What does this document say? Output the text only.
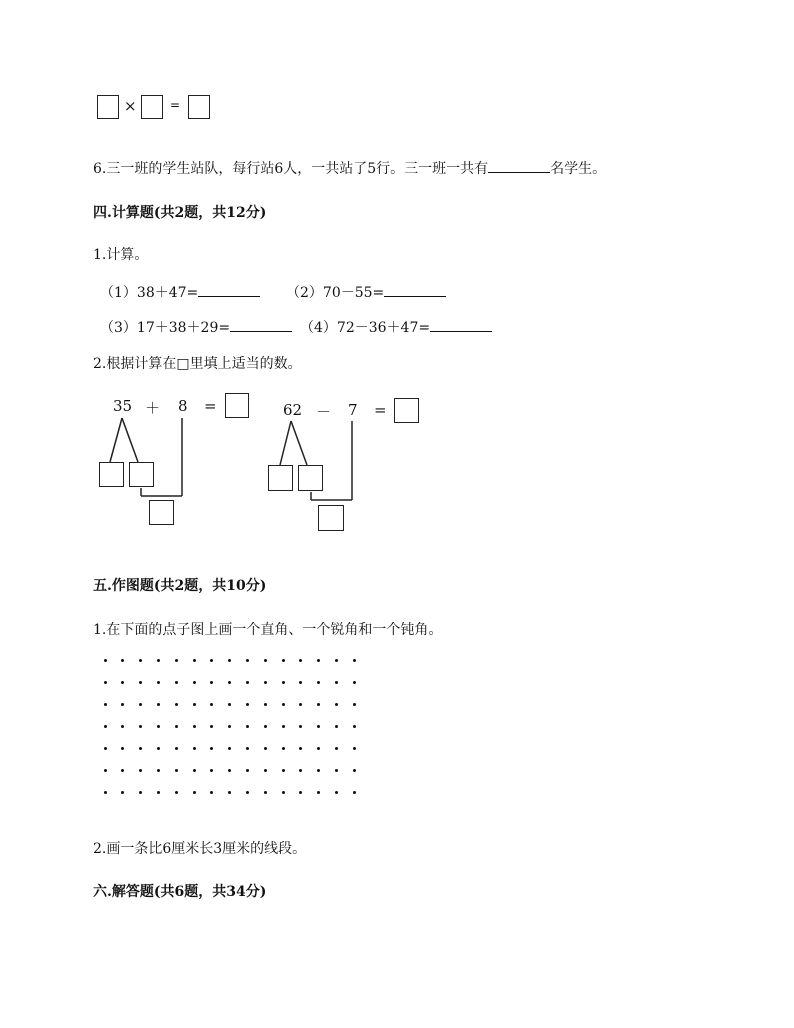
×	=
6.三一班的学生站队，每行站6人，一共站了5行。三一班一共有	名学生。
四.计算题(共2题，共12分)
1.计算。
（1）38＋47=	（2）70－55=
（3）17＋38＋29=	（4）72－36＋47=
2.根据计算在□里填上适当的数。
35 ＋ 8 =	62 － 7 =
五.作图题(共2题，共10分)
1.在下面的点子图上画一个直角、一个锐角和一个钝角。
2.画一条比6厘米长3厘米的线段。
六.解答题(共6题，共34分)
